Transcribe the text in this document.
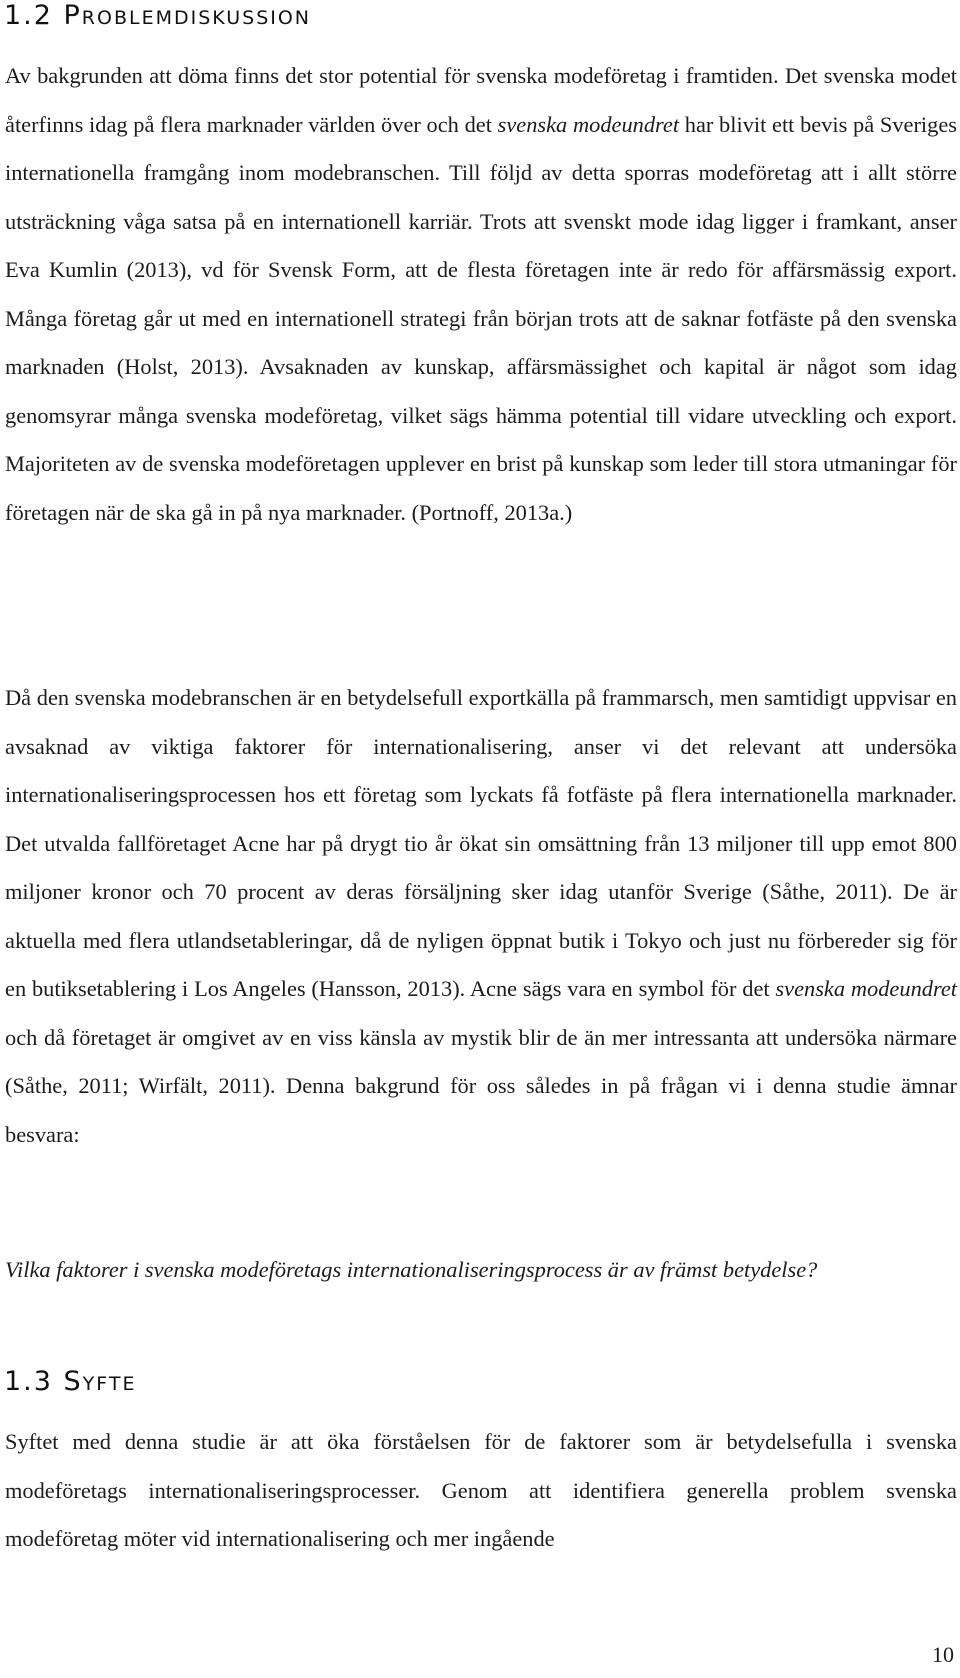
1.2 Problemdiskussion

Av bakgrunden att döma finns det stor potential för svenska modeföretag i framtiden. Det svenska modet återfinns idag på flera marknader världen över och det svenska modeundret har blivit ett bevis på Sveriges internationella framgång inom modebranschen. Till följd av detta sporras modeföretag att i allt större utsträckning våga satsa på en internationell karriär. Trots att svenskt mode idag ligger i framkant, anser Eva Kumlin (2013), vd för Svensk Form, att de flesta företagen inte är redo för affärsmässig export. Många företag går ut med en internationell strategi från början trots att de saknar fotfäste på den svenska marknaden (Holst, 2013). Avsaknaden av kunskap, affärsmässighet och kapital är något som idag genomsyrar många svenska modeföretag, vilket sägs hämma potential till vidare utveckling och export. Majoriteten av de svenska modeföretagen upplever en brist på kunskap som leder till stora utmaningar för företagen när de ska gå in på nya marknader. (Portnoff, 2013a.)

Då den svenska modebranschen är en betydelsefull exportkälla på frammarsch, men samtidigt uppvisar en avsaknad av viktiga faktorer för internationalisering, anser vi det relevant att undersöka internationaliseringsprocessen hos ett företag som lyckats få fotfäste på flera internationella marknader. Det utvalda fallföretaget Acne har på drygt tio år ökat sin omsättning från 13 miljoner till upp emot 800 miljoner kronor och 70 procent av deras försäljning sker idag utanför Sverige (Såthe, 2011). De är aktuella med flera utlandsetableringar, då de nyligen öppnat butik i Tokyo och just nu förbereder sig för en butiksetablering i Los Angeles (Hansson, 2013). Acne sägs vara en symbol för det svenska modeundret och då företaget är omgivet av en viss känsla av mystik blir de än mer intressanta att undersöka närmare (Såthe, 2011; Wirfält, 2011). Denna bakgrund för oss således in på frågan vi i denna studie ämnar besvara:

Vilka faktorer i svenska modeföretags internationaliseringsprocess är av främst betydelse?

1.3 Syfte

Syftet med denna studie är att öka förståelsen för de faktorer som är betydelsefulla i svenska modeföretags internationaliseringsprocesser. Genom att identifiera generella problem svenska modeföretag möter vid internationalisering och mer ingående

10
